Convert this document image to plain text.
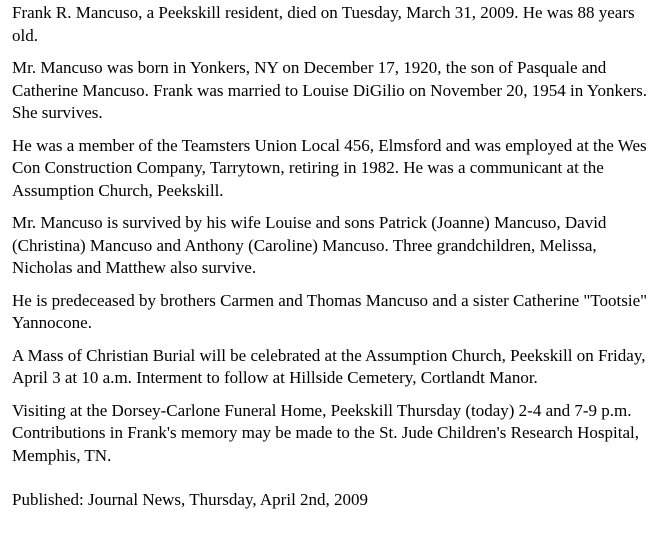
Frank R. Mancuso, a Peekskill resident, died on Tuesday, March 31, 2009. He was 88 years old.

Mr. Mancuso was born in Yonkers, NY on December 17, 1920, the son of Pasquale and Catherine Mancuso. Frank was married to Louise DiGilio on November 20, 1954 in Yonkers. She survives.

He was a member of the Teamsters Union Local 456, Elmsford and was employed at the Wes Con Construction Company, Tarrytown, retiring in 1982. He was a communicant at the Assumption Church, Peekskill.

Mr. Mancuso is survived by his wife Louise and sons Patrick (Joanne) Mancuso, David (Christina) Mancuso and Anthony (Caroline) Mancuso. Three grandchildren, Melissa, Nicholas and Matthew also survive.

He is predeceased by brothers Carmen and Thomas Mancuso and a sister Catherine "Tootsie" Yannocone.

A Mass of Christian Burial will be celebrated at the Assumption Church, Peekskill on Friday, April 3 at 10 a.m. Interment to follow at Hillside Cemetery, Cortlandt Manor.

Visiting at the Dorsey-Carlone Funeral Home, Peekskill Thursday (today) 2-4 and 7-9 p.m. Contributions in Frank's memory may be made to the St. Jude Children's Research Hospital, Memphis, TN.

Published: Journal News, Thursday, April 2nd, 2009
